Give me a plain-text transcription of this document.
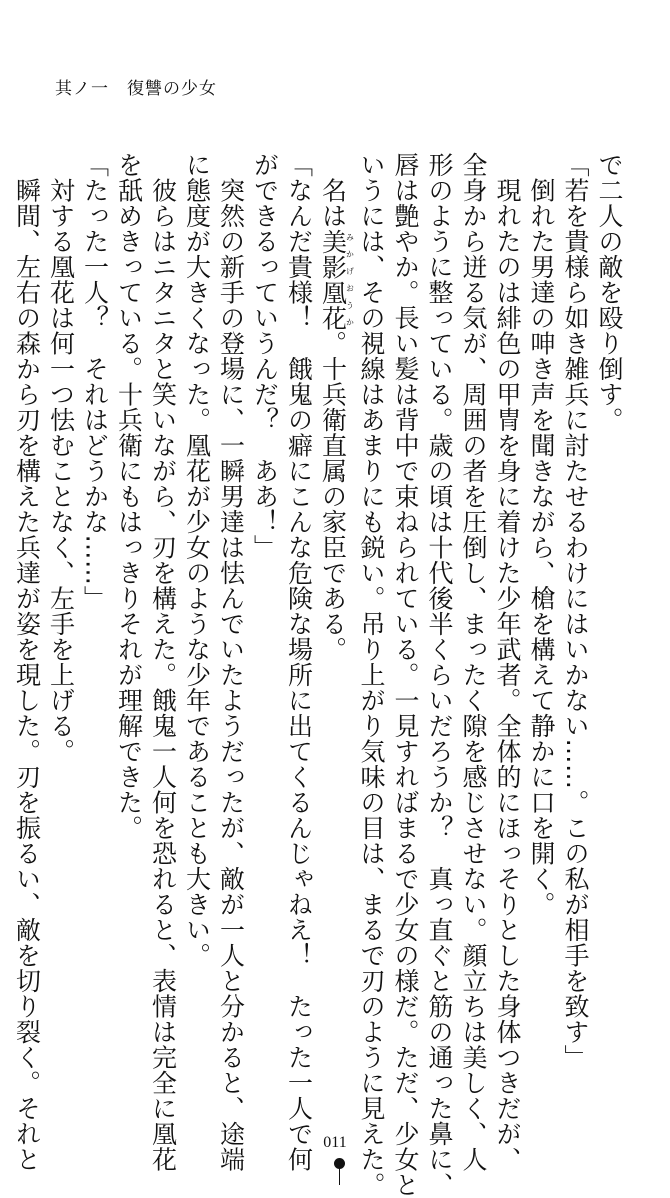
其ノ一　復讐の少女

で二人の敵を殴り倒す。

「若を貴様ら如き雑兵に討たせるわけにはいかない……。この私が相手を致す」

　倒れた男達の呻き声を聞きながら、槍を構えて静かに口を開く。

　現れたのは緋色の甲冑を身に着けた少年武者。全体的にほっそりとした身体つきだが、

全身から迸る気が、周囲の者を圧倒し、まったく隙を感じさせない。顔立ちは美しく、人

形のように整っている。歳の頃は十代後半くらいだろうか？　真っ直ぐと筋の通った鼻に、

唇は艶やか。長い髪は背中で束ねられている。一見すればまるで少女の様だ。ただ、少女と

いうには、その視線はあまりにも鋭い。吊り上がり気味の目は、まるで刃のように見えた。

　名は美影凰花みかげおうか。十兵衛直属の家臣である。

「なんだ貴様！　餓鬼の癖にこんな危険な場所に出てくるんじゃねえ！　たった一人で何

ができるっていうんだ？　ああ！」

　突然の新手の登場に、一瞬男達は怯んでいたようだったが、敵が一人と分かると、途端

に態度が大きくなった。凰花が少女のような少年であることも大きい。

　彼らはニタニタと笑いながら、刃を構えた。餓鬼一人何を恐れると、表情は完全に凰花

を舐めきっている。十兵衛にもはっきりそれが理解できた。

「たった一人？　それはどうかな……」

　対する凰花は何一つ怯むことなく、左手を上げる。

　瞬間、左右の森から刃を構えた兵達が姿を現した。刃を振るい、敵を切り裂く。それと	011
